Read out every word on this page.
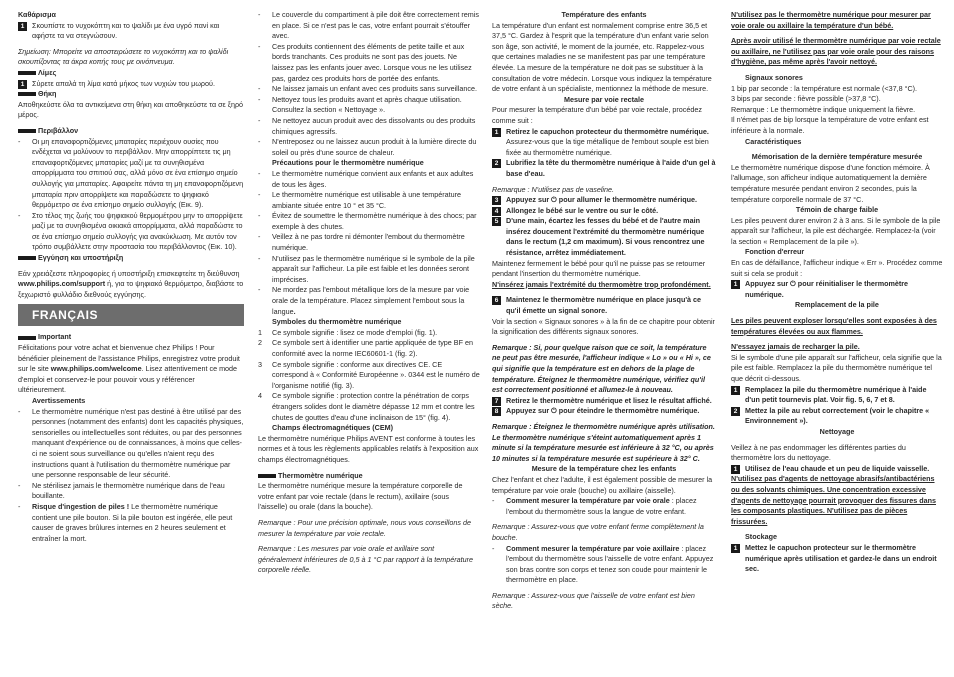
Καθάρισμα
1	Σκουπίστε το νυχοκόπτη και το ψαλίδι με ένα υγρό πανί και αφήστε τα να στεγνώσουν.
Σημείωση: Μπορείτε να αποστειρώσετε το νυχοκόπτη και το ψαλίδι σκουπίζοντας τα άκρα κοπής τους με οινόπνευμα.
Λίμες
1	Σύρετε απαλά τη λίμα κατά μήκος των νυχιών του μωρού.
Θήκη
Αποθηκεύστε όλα τα αντικείμενα στη θήκη και αποθηκεύστε τα σε ξηρό μέρος.
Περιβάλλον
-	Οι μη επαναφορτιζόμενες μπαταρίες περιέχουν ουσίες που ενδέχεται να μολύνουν το περιβάλλον. Μην απορρίπτετε τις μη επαναφορτιζόμενες μπαταρίες μαζί με τα συνηθισμένα απορρίμματα του σπιτιού σας, αλλά μόνο σε ένα επίσημο σημείο συλλογής για μπαταρίες. Αφαιρείτε πάντα τη μη επαναφορτιζόμενη μπαταρία πριν απορρίψετε και παραδώσετε το ψηφιακό θερμόμετρο σε ένα επίσημο σημείο συλλογής (Εικ. 9).
-	Στο τέλος της ζωής του ψηφιακού θερμομέτρου μην το απορρίψετε μαζί με τα συνηθισμένα οικιακά απορρίμματα, αλλά παραδώστε το σε ένα επίσημο σημείο συλλογής για ανακύκλωση. Με αυτόν τον τρόπο συμβάλλετε στην προστασία του περιβάλλοντος (Εικ. 10).
Εγγύηση και υποστήριξη
Εάν χρειάζεστε πληροφορίες ή υποστήριξη επισκεφτείτε τη διεύθυνση www.philips.com/support ή, για το ψηφιακό θερμόμετρο, διαβάστε το ξεχωριστό φυλλάδιο διεθνούς εγγύησης.
FRANÇAIS
Important
Félicitations pour votre achat et bienvenue chez Philips ! Pour bénéficier pleinement de l'assistance Philips, enregistrez votre produit sur le site www.philips.com/welcome. Lisez attentivement ce mode d'emploi et conservez-le pour pouvoir vous y référencer ultérieurement.
Avertissements
-	Le thermomètre numérique n'est pas destiné à être utilisé par des personnes (notamment des enfants) dont les capacités physiques, sensorielles ou intellectuelles sont réduites, ou par des personnes manquant d'expérience ou de connaissances, à moins que celles-ci ne soient sous surveillance ou qu'elles n'aient reçu des instructions quant à l'utilisation du thermomètre numérique par une personne responsable de leur sécurité.
-	Ne stérilisez jamais le thermomètre numérique dans de l'eau bouillante.
-	Risque d'ingestion de piles ! Le thermomètre numérique contient une pile bouton. Si la pile bouton est ingérée, elle peut causer de graves brûlures internes en 2 heures seulement et entraîner la mort.
-	Le couvercle du compartiment à pile doit être correctement remis en place. Si ce n'est pas le cas, votre enfant pourrait s'étouffer avec.
-	Ces produits contiennent des éléments de petite taille et aux bords tranchants. Ces produits ne sont pas des jouets. Ne laissez pas les enfants jouer avec. Lorsque vous ne les utilisez pas, gardez ces produits hors de portée des enfants.
-	Ne laissez jamais un enfant avec ces produits sans surveillance.
-	Nettoyez tous les produits avant et après chaque utilisation. Consultez la section « Nettoyage ».
-	Ne nettoyez aucun produit avec des dissolvants ou des produits chimiques agressifs.
-	N'entreposez ou ne laissez aucun produit à la lumière directe du soleil ou près d'une source de chaleur.
Précautions pour le thermomètre numérique
-	Le thermomètre numérique convient aux enfants et aux adultes de tous les âges.
-	Le thermomètre numérique est utilisable à une température ambiante située entre 10 ° et 35 °C.
-	Évitez de soumettre le thermomètre numérique à des chocs; par exemple à des chutes.
-	Veillez à ne pas tordre ni démonter l'embout du thermomètre numérique.
-	N'utilisez pas le thermomètre numérique si le symbole de la pile apparaît sur l'afficheur. La pile est faible et les données seront imprécises.
-	Ne mordez pas l'embout métallique lors de la mesure par voie orale de la température. Placez simplement l'embout sous la langue.
Symboles du thermomètre numérique
1	Ce symbole signifie : lisez ce mode d'emploi (fig. 1).
2	Ce symbole sert à identifier une partie appliquée de type BF en conformité avec la norme IEC60601-1 (fig. 2).
3	Ce symbole signifie : conforme aux directives CE. CE correspond à « Conformité Européenne ». 0344 est le numéro de l'organisme notifié (fig. 3).
4	Ce symbole signifie : protection contre la pénétration de corps étrangers solides dont le diamètre dépasse 12 mm et contre les chutes de gouttes d'eau d'une inclinaison de 15° (fig. 4).
Champs électromagnétiques (CEM)
Le thermomètre numérique Philips AVENT est conforme à toutes les normes et à tous les règlements applicables relatifs à l'exposition aux champs électromagnétiques.
Thermomètre numérique
Le thermomètre numérique mesure la température corporelle de votre enfant par voie rectale (dans le rectum), axillaire (sous l'aisselle) ou orale (dans la bouche).
Remarque : Pour une précision optimale, nous vous conseillons de mesurer la température par voie rectale.
Remarque : Les mesures par voie orale et axillaire sont généralement inférieures de 0,5 à 1 °C par rapport à la température corporelle réelle.
Température des enfants
La température d'un enfant est normalement comprise entre 36,5 et 37,5 °C. Gardez à l'esprit que la température d'un enfant varie selon son âge, son activité, le moment de la journée, etc. Rappelez-vous que certaines maladies ne se manifestent pas par une température élevée. La mesure de la température ne doit pas se substituer à la consultation de votre médecin. Lorsque vous indiquez la température de votre enfant à un spécialiste, mentionnez la méthode de mesure.
Mesure par voie rectale
Pour mesurer la température d'un bébé par voie rectale, procédez comme suit :
1	Retirez le capuchon protecteur du thermomètre numérique.
Assurez-vous que la tige métallique de l'embout souple est bien fixée au thermomètre numérique.
2	Lubrifiez la tête du thermomètre numérique à l'aide d'un gel à base d'eau.
Remarque : N'utilisez pas de vaseline.
3	Appuyez sur ⏻ pour allumer le thermomètre numérique.
4	Allongez le bébé sur le ventre ou sur le côté.
5	D'une main, écartez les fesses du bébé et de l'autre main insérez doucement l'extrémité du thermomètre numérique dans le rectum (1,2 cm maximum). Si vous rencontrez une résistance, arrêtez immédiatement.
Maintenez fermement le bébé pour qu'il ne puisse pas se retourner pendant l'insertion du thermomètre numérique.
N'insérez jamais l'extrémité du thermomètre trop profondément.
6	Maintenez le thermomètre numérique en place jusqu'à ce qu'il émette un signal sonore.
Voir la section « Signaux sonores » à la fin de ce chapitre pour obtenir la signification des différents signaux sonores.
Remarque : Si, pour quelque raison que ce soit, la température ne peut pas être mesurée, l'afficheur indique « Lo » ou « Hi », ce qui signifie que la température est en dehors de la plage de température. Éteignez le thermomètre numérique, vérifiez qu'il est correctement positionné et allumez-le à nouveau.
7	Retirez le thermomètre numérique et lisez le résultat affiché.
8	Appuyez sur ⏻ pour éteindre le thermomètre numérique.
Remarque : Éteignez le thermomètre numérique après utilisation. Le thermomètre numérique s'éteint automatiquement après 1 minute si la température mesurée est inférieure à 32 °C, ou après 10 minutes si la température mesurée est supérieure à 32° C.
Mesure de la température chez les enfants
Chez l'enfant et chez l'adulte, il est également possible de mesurer la température par voie orale (bouche) ou axillaire (aisselle).
-	Comment mesurer la température par voie orale : placez l'embout du thermomètre sous la langue de votre enfant.
Remarque : Assurez-vous que votre enfant ferme complètement la bouche.
-	Comment mesurer la température par voie axillaire : placez l'embout du thermomètre sous l'aisselle de votre enfant. Appuyez son bras contre son corps et tenez son coude pour maintenir le thermomètre en place.
Remarque : Assurez-vous que l'aisselle de votre enfant est bien sèche.
N'utilisez pas le thermomètre numérique pour mesurer par voie orale ou axillaire la température d'un bébé.
Après avoir utilisé le thermomètre numérique par voie rectale ou axillaire, ne l'utilisez pas par voie orale pour des raisons d'hygiène, pas même après l'avoir nettoyé.
Signaux sonores
1 bip par seconde : la température est normale (<37,8 °C).
3 bips par seconde : fièvre possible (>37,8 °C).
Remarque : Le thermomètre indique uniquement la fièvre.
Il n'émet pas de bip lorsque la température de votre enfant est inférieure à la normale.
Caractéristiques
Mémorisation de la dernière température mesurée
Le thermomètre numérique dispose d'une fonction mémoire. À l'allumage, son afficheur indique automatiquement la dernière température mesurée pendant environ 2 secondes, puis la température corporelle normale de 37 °C.
Témoin de charge faible
Les piles peuvent durer environ 2 à 3 ans. Si le symbole de la pile apparaît sur l'afficheur, la pile est déchargée. Remplacez-la (voir la section « Remplacement de la pile »).
Fonction d'erreur
En cas de défaillance, l'afficheur indique « Err ». Procédez comme suit si cela se produit :
1	Appuyez sur ⏻ pour réinitialiser le thermomètre numérique.
Remplacement de la pile
Les piles peuvent exploser lorsqu'elles sont exposées à des températures élevées ou aux flammes.
N'essayez jamais de recharger la pile.
Si le symbole d'une pile apparaît sur l'afficheur, cela signifie que la pile est faible. Remplacez la pile du thermomètre numérique tel que décrit ci-dessous.
1	Remplacez la pile du thermomètre numérique à l'aide d'un petit tournevis plat. Voir fig. 5, 6, 7 et 8.
2	Mettez la pile au rebut correctement (voir le chapitre « Environnement »).
Nettoyage
Veillez à ne pas endommager les différentes parties du thermomètre lors du nettoyage.
1	Utilisez de l'eau chaude et un peu de liquide vaisselle.
N'utilisez pas d'agents de nettoyage abrasifs/antibactériens ou des solvants chimiques. Une concentration excessive d'agents de nettoyage pourrait provoquer des fissures dans les composants plastiques. N'utilisez pas de pièces frissurées.
Stockage
1	Mettez le capuchon protecteur sur le thermomètre numérique après utilisation et gardez-le dans un endroit sec.
